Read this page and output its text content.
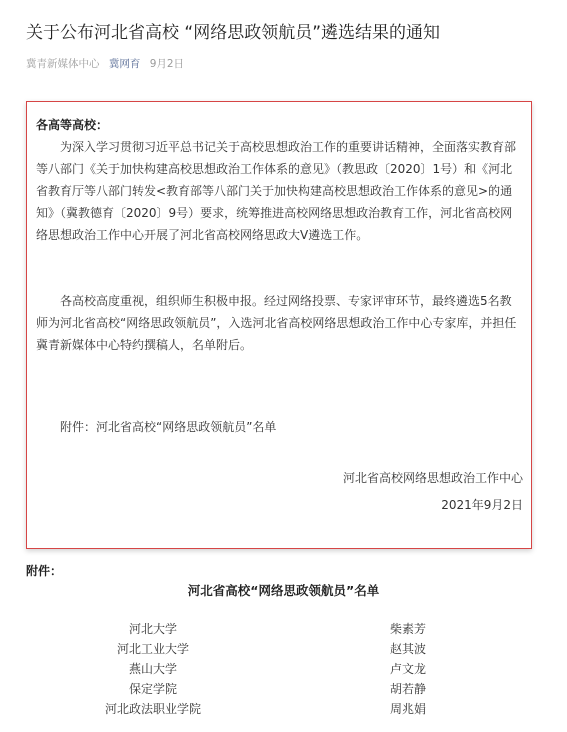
关于公布河北省高校 “网络思政领航员”遴选结果的通知
冀青新媒体中心 冀网育 9月2日
各高等高校：

为深入学习贯彻习近平总书记关于高校思想政治工作的重要讲话精神，全面落实教育部等八部门《关于加快构建高校思想政治工作体系的意见》（教思政〔2020〕1号）和《河北省教育厅等八部门转发<教育部等八部门关于加快构建高校思想政治工作体系的意见>的通知》（冀教德育〔2020〕9号）要求，统筹推进高校网络思想政治教育工作，河北省高校网络思想政治工作中心开展了河北省高校网络思政大V遴选工作。

各高校高度重视，组织师生积极申报。经过网络投票、专家评审环节，最终遴选5名教师为河北省高校“网络思政领航员”，入选河北省高校网络思想政治工作中心专家库，并担任冀青新媒体中心特约撰稿人，名单附后。

附件：河北省高校“网络思政领航员”名单
河北省高校网络思想政治工作中心
2021年9月2日
附件：
河北省高校“网络思政领航员”名单
河北大学	柴素芳
河北工业大学	赵其波
燕山大学	卢文龙
保定学院	胡若静
河北政法职业学院	周兆娟
